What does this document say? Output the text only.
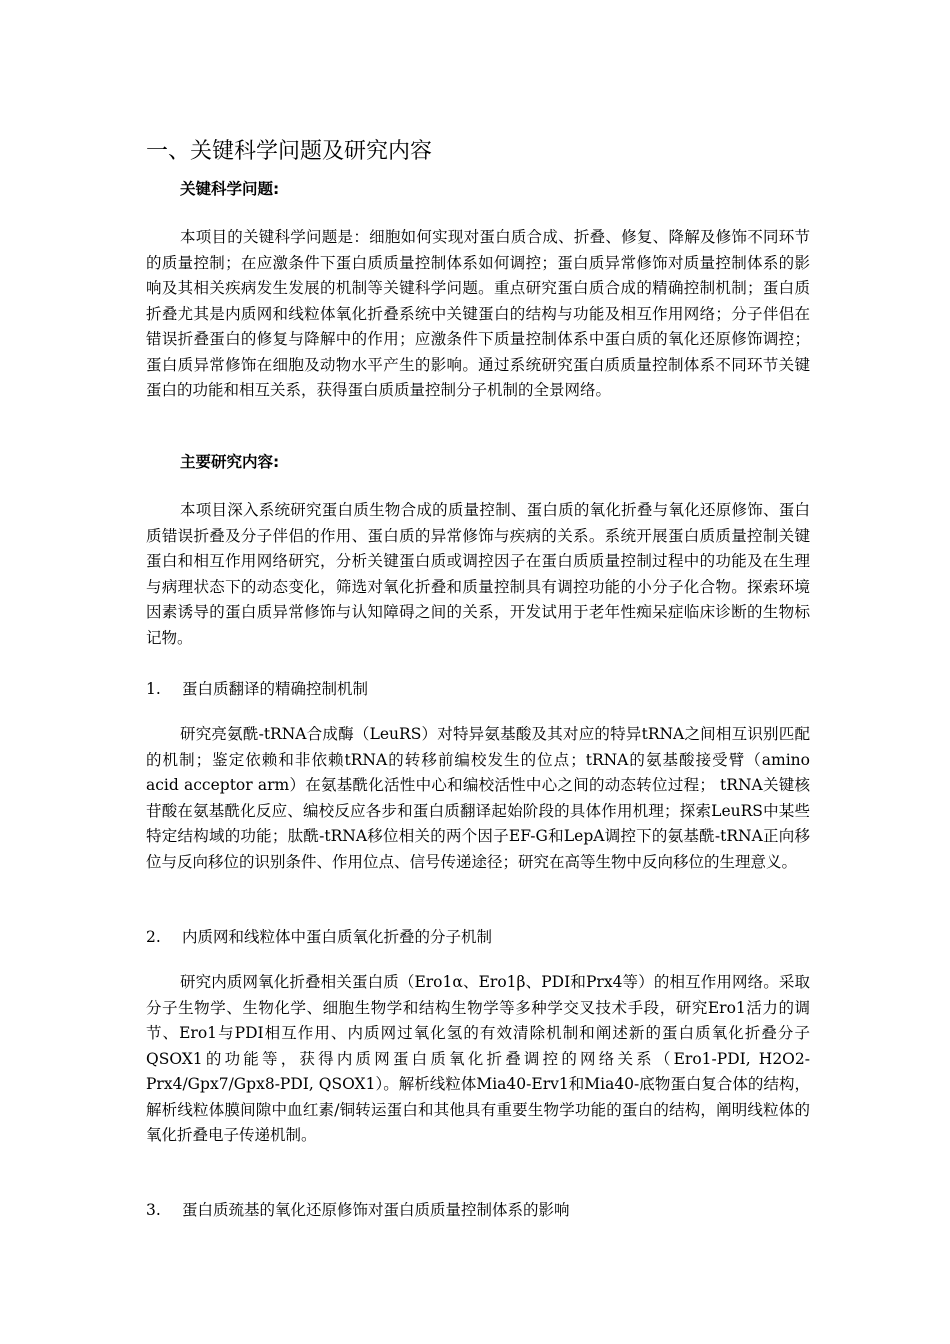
一、关键科学问题及研究内容
关键科学问题:

本项目的关键科学问题是：细胞如何实现对蛋白质合成、折叠、修复、降解及修饰不同环节的质量控制；在应激条件下蛋白质质量控制体系如何调控；蛋白质异常修饰对质量控制体系的影响及其相关疾病发生发展的机制等关键科学问题。重点研究蛋白质合成的精确控制机制；蛋白质折叠尤其是内质网和线粒体氧化折叠系统中关键蛋白的结构与功能及相互作用网络；分子伴侣在错误折叠蛋白的修复与降解中的作用；应激条件下质量控制体系中蛋白质的氧化还原修饰调控；蛋白质异常修饰在细胞及动物水平产生的影响。通过系统研究蛋白质质量控制体系不同环节关键蛋白的功能和相互关系，获得蛋白质质量控制分子机制的全景网络。

主要研究内容:

本项目深入系统研究蛋白质生物合成的质量控制、蛋白质的氧化折叠与氧化还原修饰、蛋白质错误折叠及分子伴侣的作用、蛋白质的异常修饰与疾病的关系。系统开展蛋白质质量控制关键蛋白和相互作用网络研究，分析关键蛋白质或调控因子在蛋白质质量控制过程中的功能及在生理与病理状态下的动态变化，筛选对氧化折叠和质量控制具有调控功能的小分子化合物。探索环境因素诱导的蛋白质异常修饰与认知障碍之间的关系，开发试用于老年性痴呆症临床诊断的生物标记物。

1. 蛋白质翻译的精确控制机制

研究亮氨酰-tRNA合成酶（LeuRS）对特异氨基酸及其对应的特异tRNA之间相互识别匹配的机制；鉴定依赖和非依赖tRNA的转移前编校发生的位点；tRNA的氨基酸接受臂（amino acid acceptor arm）在氨基酰化活性中心和编校活性中心之间的动态转位过程； tRNA关键核苷酸在氨基酰化反应、编校反应各步和蛋白质翻译起始阶段的具体作用机理；探索LeuRS中某些特定结构域的功能；肽酰-tRNA移位相关的两个因子EF-G和LepA调控下的氨基酰-tRNA正向移位与反向移位的识别条件、作用位点、信号传递途径；研究在高等生物中反向移位的生理意义。

2. 内质网和线粒体中蛋白质氧化折叠的分子机制

研究内质网氧化折叠相关蛋白质（Ero1α、Ero1β、PDI和Prx4等）的相互作用网络。采取分子生物学、生物化学、细胞生物学和结构生物学等多种学交叉技术手段，研究Ero1活力的调节、Ero1与PDI相互作用、内质网过氧化氢的有效清除机制和阐述新的蛋白质氧化折叠分子QSOX1的功能等，获得内质网蛋白质氧化折叠调控的网络关系（Ero1-PDI, H2O2-Prx4/Gpx7/Gpx8-PDI, QSOX1）。解析线粒体Mia40-Erv1和Mia40-底物蛋白复合体的结构，解析线粒体膜间隙中血红素/铜转运蛋白和其他具有重要生物学功能的蛋白的结构，阐明线粒体的氧化折叠电子传递机制。

3. 蛋白质巯基的氧化还原修饰对蛋白质质量控制体系的影响
